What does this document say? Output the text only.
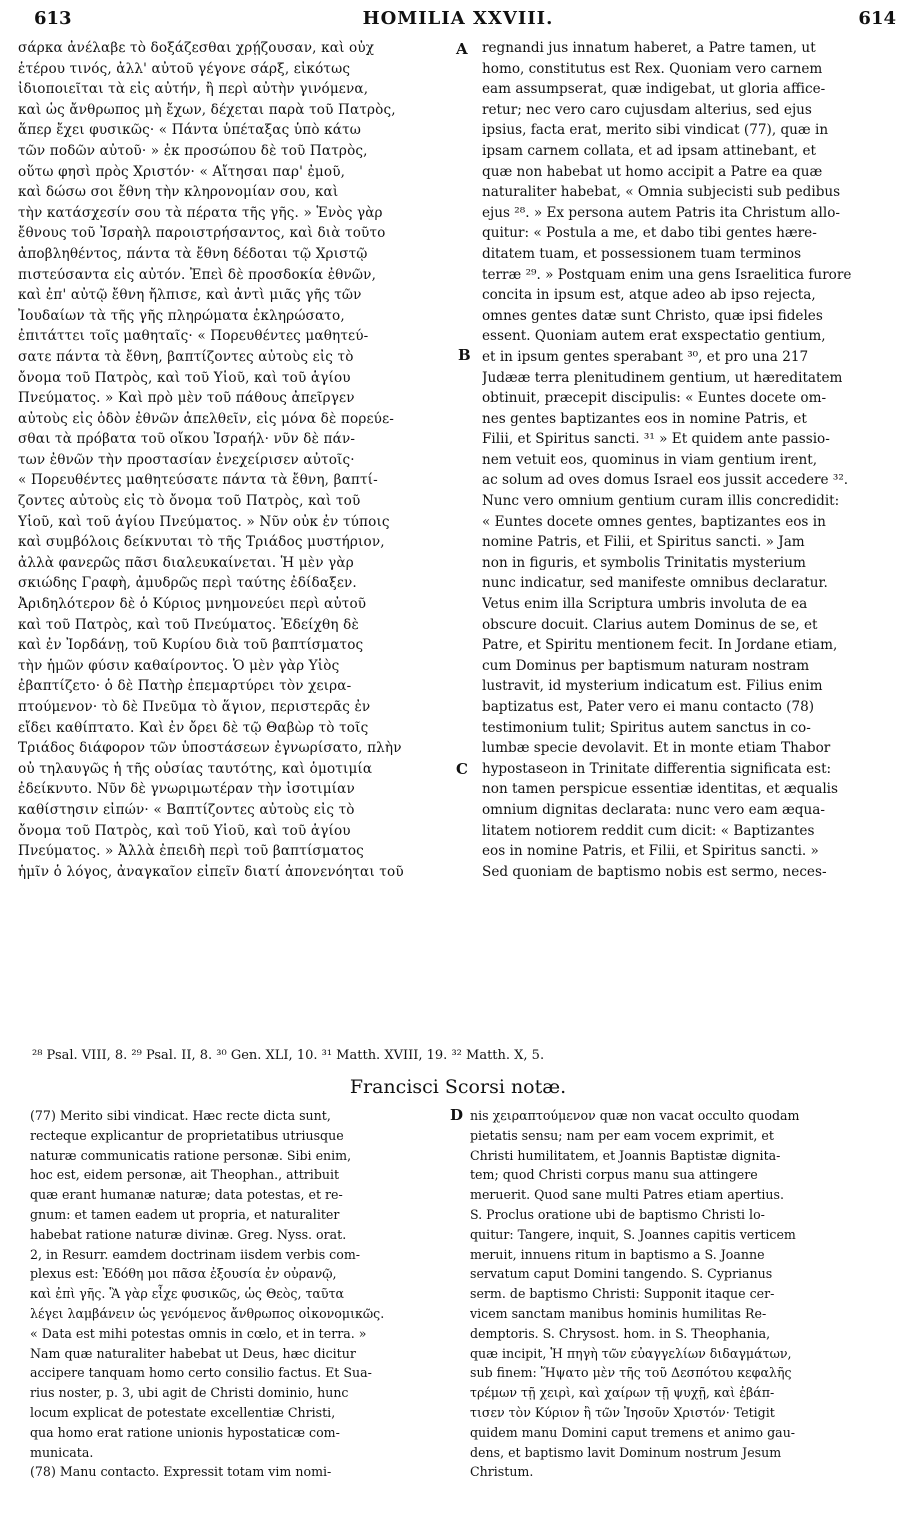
613	HOMILIA XXVIII.	614
σάρκα ἀνέλαβε τὸ δοξάζεσθαι χρῄζουσαν, καὶ οὐχ
ἑτέρου τινός, ἀλλ' αὐτοῦ γέγονε σάρξ, εἰκότως
ἰδιοποιεῖται τὰ εἰς αὐτήν, ἢ περὶ αὐτὴν γινόμενα,
καὶ ὡς ἄνθρωπος μὴ ἔχων, δέχεται παρὰ τοῦ Πατρὸς,
ἅπερ ἔχει φυσικῶς· « Πάντα ὑπέταξας ὑπὸ κάτω
τῶν ποδῶν αὐτοῦ· » ἐκ προσώπου δὲ τοῦ Πατρὸς,
οὕτω φησὶ πρὸς Χριστόν· « Αἴτησαι παρ' ἐμοῦ,
καὶ δώσω σοι ἔθνη τὴν κληρονομίαν σου, καὶ
τὴν κατάσχεσίν σου τὰ πέρατα τῆς γῆς. » Ἑνὸς γὰρ
ἔθνους τοῦ Ἰσραὴλ παροιστρήσαντος, καὶ διὰ τοῦτο
ἀποβληθέντος, πάντα τὰ ἔθνη δέδοται τῷ Χριστῷ
πιστεύσαντα εἰς αὐτόν. Ἐπεὶ δὲ προσδοκία ἐθνῶν,
καὶ ἐπ' αὐτῷ ἔθνη ἤλπισε, καὶ ἀντὶ μιᾶς γῆς τῶν
Ἰουδαίων τὰ τῆς γῆς πληρώματα ἐκληρώσατο,
ἐπιτάττει τοῖς μαθηταῖς· « Πορευθέντες μαθητεύ-
σατε πάντα τὰ ἔθνη, βαπτίζοντες αὐτοὺς εἰς τὸ
ὄνομα τοῦ Πατρὸς, καὶ τοῦ Υἱοῦ, καὶ τοῦ ἁγίου
Πνεύματος. » Καὶ πρὸ μὲν τοῦ πάθους ἀπεῖργεν
αὐτοὺς εἰς ὁδὸν ἐθνῶν ἀπελθεῖν, εἰς μόνα δὲ πορεύε-
σθαι τὰ πρόβατα τοῦ οἴκου Ἰσραήλ· νῦν δὲ πάν-
των ἐθνῶν τὴν προστασίαν ἐνεχείρισεν αὐτοῖς·
« Πορευθέντες μαθητεύσατε πάντα τὰ ἔθνη, βαπτί-
ζοντες αὐτοὺς εἰς τὸ ὄνομα τοῦ Πατρὸς, καὶ τοῦ
Υἱοῦ, καὶ τοῦ ἁγίου Πνεύματος. » Νῦν οὐκ ἐν τύποις
καὶ συμβόλοις δείκνυται τὸ τῆς Τριάδος μυστήριον,
ἀλλὰ φανερῶς πᾶσι διαλευκαίνεται. Ἡ μὲν γὰρ
σκιώδης Γραφὴ, ἀμυδρῶς περὶ ταύτης ἐδίδαξεν.
Ἀριδηλότερον δὲ ὁ Κύριος μνημονεύει περὶ αὐτοῦ
καὶ τοῦ Πατρὸς, καὶ τοῦ Πνεύματος. Ἐδείχθη δὲ
καὶ ἐν Ἰορδάνῃ, τοῦ Κυρίου διὰ τοῦ βαπτίσματος
τὴν ἡμῶν φύσιν καθαίροντος. Ὁ μὲν γὰρ Υἱὸς
ἐβαπτίζετο· ὁ δὲ Πατὴρ ἐπεμαρτύρει τὸν χειρα-
πτούμενον· τὸ δὲ Πνεῦμα τὸ ἅγιον, περιστερᾶς ἐν
εἴδει καθίπτατο. Καὶ ἐν ὄρει δὲ τῷ Θαβὼρ τὸ τοῖς
Τριάδος διάφορον τῶν ὑποστάσεων ἐγνωρίσατο, πλὴν
οὐ τηλαυγῶς ἡ τῆς οὐσίας ταυτότης, καὶ ὁμοτιμία
ἐδείκνυτο. Νῦν δὲ γνωριμωτέραν τὴν ἰσοτιμίαν
καθίστησιν εἰπών· « Βαπτίζοντες αὐτοὺς εἰς τὸ
ὄνομα τοῦ Πατρὸς, καὶ τοῦ Υἱοῦ, καὶ τοῦ ἁγίου
Πνεύματος. » Ἀλλὰ ἐπειδὴ περὶ τοῦ βαπτίσματος
ἡμῖν ὁ λόγος, ἀναγκαῖον εἰπεῖν διατί ἀπονενόηται τοῦ
regnandi jus innatum haberet, a Patre tamen, ut
homo, constitutus est Rex. Quoniam vero carnem
eam assumpserat, quæ indigebat, ut gloria affice-
retur; nec vero caro cujusdam alterius, sed ejus
ipsius, facta erat, merito sibi vindicat (77), quæ in
ipsam carnem collata, et ad ipsam attinebant, et
quæ non habebat ut homo accipit a Patre ea quæ
naturaliter habebat, « Omnia subjecisti sub pedibus
ejus ²⁸. » Ex persona autem Patris ita Christum allo-
quitur: « Postula a me, et dabo tibi gentes hære-
ditatem tuam, et possessionem tuam terminos
terræ ²⁹. » Postquam enim una gens Israelitica furore
concita in ipsum est, atque adeo ab ipso rejecta,
omnes gentes datæ sunt Christo, quæ ipsi fideles
essent. Quoniam autem erat exspectatio gentium,
et in ipsum gentes sperabant ³⁰, et pro una 217
Judææ terra plenitudinem gentium, ut hæreditatem
obtinuit, præcepit discipulis: « Euntes docete om-
nes gentes baptizantes eos in nomine Patris, et
Filii, et Spiritus sancti. ³¹ » Et quidem ante passio-
nem vetuit eos, quominus in viam gentium irent,
ac solum ad oves domus Israel eos jussit accedere ³².
Nunc vero omnium gentium curam illis concredidit:
« Euntes docete omnes gentes, baptizantes eos in
nomine Patris, et Filii, et Spiritus sancti. » Jam
non in figuris, et symbolis Trinitatis mysterium
nunc indicatur, sed manifeste omnibus declaratur.
Vetus enim illa Scriptura umbris involuta de ea
obscure docuit. Clarius autem Dominus de se, et
Patre, et Spiritu mentionem fecit. In Jordane etiam,
cum Dominus per baptismum naturam nostram
lustravit, id mysterium indicatum est. Filius enim
baptizatus est, Pater vero ei manu contacto (78)
testimonium tulit; Spiritus autem sanctus in co-
lumbæ specie devolavit. Et in monte etiam Thabor
hypostaseon in Trinitate differentia significata est:
non tamen perspicue essentiæ identitas, et æqualis
omnium dignitas declarata: nunc vero eam æqua-
litatem notiorem reddit cum dicit: « Baptizantes
eos in nomine Patris, et Filii, et Spiritus sancti. »
Sed quoniam de baptismo nobis est sermo, neces-
A
B
C
D
²⁸ Psal. VIII, 8. ²⁹ Psal. II, 8. ³⁰ Gen. XLI, 10. ³¹ Matth. XVIII, 19. ³² Matth. X, 5.
Francisci Scorsi notæ.
(77) Merito sibi vindicat. Hæc recte dicta sunt,
recteque explicantur de proprietatibus utriusque
naturæ communicatis ratione personæ. Sibi enim,
hoc est, eidem personæ, ait Theophan., attribuit
quæ erant humanæ naturæ; data potestas, et re-
gnum: et tamen eadem ut propria, et naturaliter
habebat ratione naturæ divinæ. Greg. Nyss. orat.
2, in Resurr. eamdem doctrinam iisdem verbis com-
plexus est: Ἐδόθη μοι πᾶσα ἐξουσία ἐν οὐρανῷ,
καὶ ἐπὶ γῆς. Ἃ γὰρ εἶχε φυσικῶς, ὡς Θεὸς, ταῦτα
λέγει λαμβάνειν ὡς γενόμενος ἄνθρωπος οἰκονομικῶς.
« Data est mihi potestas omnis in cœlo, et in terra. »
Nam quæ naturaliter habebat ut Deus, hæc dicitur
accipere tanquam homo certo consilio factus. Et Sua-
rius noster, p. 3, ubi agit de Christi dominio, hunc
locum explicat de potestate excellentiæ Christi,
qua homo erat ratione unionis hypostaticæ com-
municata.
(78) Manu contacto. Expressit totam vim nomi-
nis χειραπτούμενον quæ non vacat occulto quodam
pietatis sensu; nam per eam vocem exprimit, et
Christi humilitatem, et Joannis Baptistæ dignita-
tem; quod Christi corpus manu sua attingere
meruerit. Quod sane multi Patres etiam apertius.
S. Proclus oratione ubi de baptismo Christi lo-
quitur: Tangere, inquit, S. Joannes capitis verticem
meruit, innuens ritum in baptismo a S. Joanne
servatum caput Domini tangendo. S. Cyprianus
serm. de baptismo Christi: Supponit itaque cer-
vicem sanctam manibus hominis humilitas Re-
demptoris. S. Chrysost. hom. in S. Theophania,
quæ incipit, Ἡ πηγὴ τῶν εὐαγγελίων διδαγμάτων,
sub finem: Ἥψατο μὲν τῆς τοῦ Δεσπότου κεφαλῆς
τρέμων τῇ χειρὶ, καὶ χαίρων τῇ ψυχῇ, καὶ ἐβάπ-
τισεν τὸν Κύριον ἢ τῶν Ἰησοῦν Χριστόν· Tetigit
quidem manu Domini caput tremens et animo gau-
dens, et baptismo lavit Dominum nostrum Jesum
Christum.
